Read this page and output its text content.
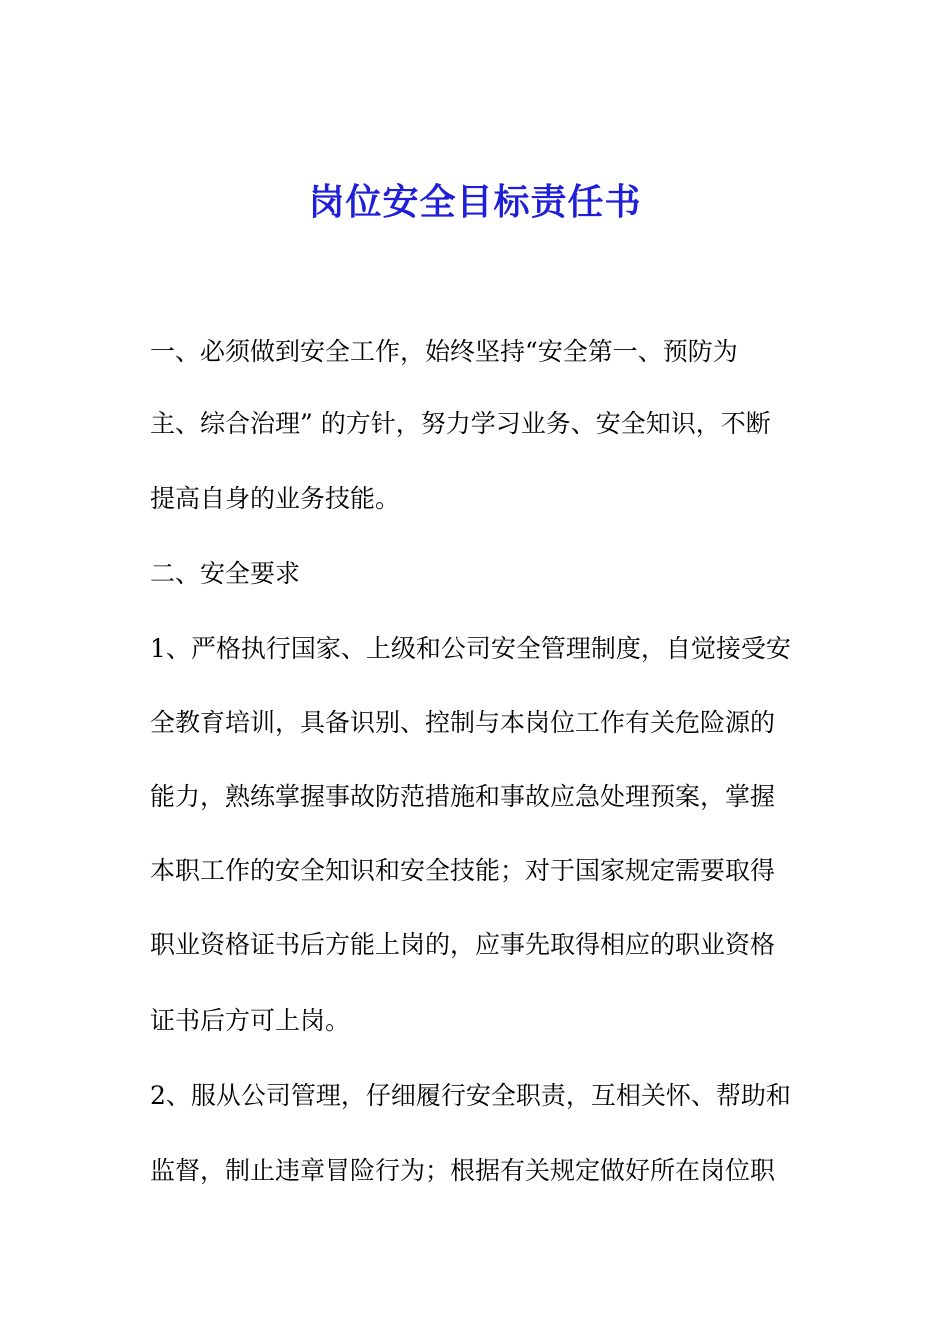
岗位安全目标责任书
一、必须做到安全工作，始终坚持“安全第一、预防为
主、综合治理” 的方针，努力学习业务、安全知识，不断
提高自身的业务技能。
二、安全要求
1、严格执行国家、上级和公司安全管理制度，自觉接受安
全教育培训，具备识别、控制与本岗位工作有关危险源的
能力，熟练掌握事故防范措施和事故应急处理预案，掌握
本职工作的安全知识和安全技能；对于国家规定需要取得
职业资格证书后方能上岗的，应事先取得相应的职业资格
证书后方可上岗。
2、服从公司管理，仔细履行安全职责，互相关怀、帮助和
监督，制止违章冒险行为；根据有关规定做好所在岗位职
